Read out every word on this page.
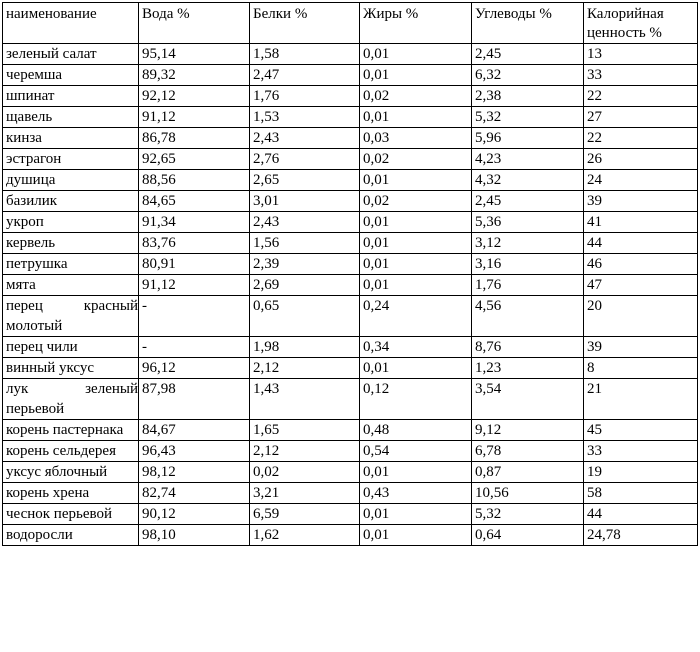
наименование	Вода %	Белки %	Жиры %	Углеводы %	Калорийная ценность %
зеленый салат	95,14	1,58	0,01	2,45	13
черемша	89,32	2,47	0,01	6,32	33
шпинат	92,12	1,76	0,02	2,38	22
щавель	91,12	1,53	0,01	5,32	27
кинза	86,78	2,43	0,03	5,96	22
эстрагон	92,65	2,76	0,02	4,23	26
душица	88,56	2,65	0,01	4,32	24
базилик	84,65	3,01	0,02	2,45	39
укроп	91,34	2,43	0,01	5,36	41
кервель	83,76	1,56	0,01	3,12	44
петрушка	80,91	2,39	0,01	3,16	46
мята	91,12	2,69	0,01	1,76	47
перец красный молотый	-	0,65	0,24	4,56	20
перец чили	-	1,98	0,34	8,76	39
винный уксус	96,12	2,12	0,01	1,23	8
лук зеленый перьевой	87,98	1,43	0,12	3,54	21
корень пастернака	84,67	1,65	0,48	9,12	45
корень сельдерея	96,43	2,12	0,54	6,78	33
уксус яблочный	98,12	0,02	0,01	0,87	19
корень хрена	82,74	3,21	0,43	10,56	58
чеснок перьевой	90,12	6,59	0,01	5,32	44
водоросли	98,10	1,62	0,01	0,64	24,78
